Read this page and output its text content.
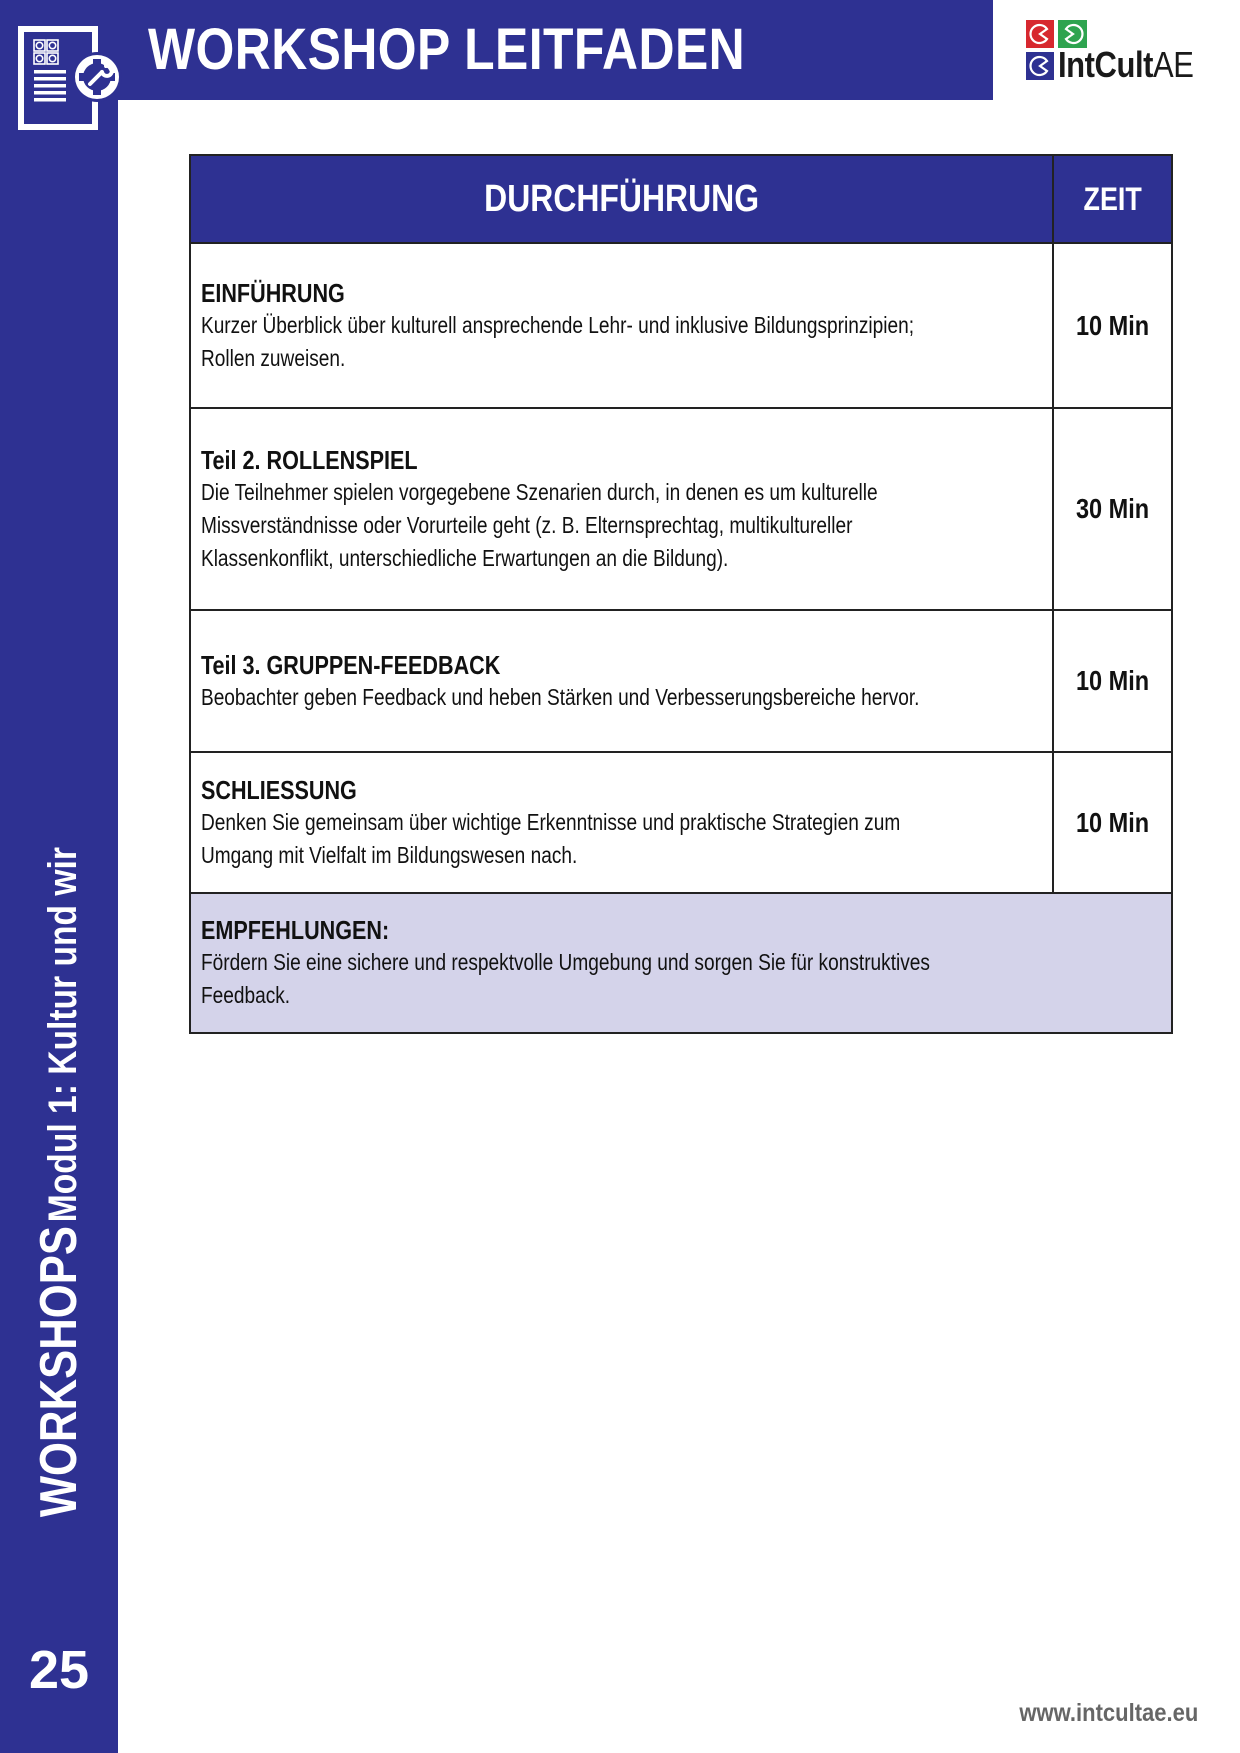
WORKSHOP LEITFADEN	IntCultAE
WORKSHOPS Modul 1: Kultur und wir
25
DURCHFÜHRUNG	ZEIT

EINFÜHRUNG
Kurzer Überblick über kulturell ansprechende Lehr- und inklusive Bildungsprinzipien;
Rollen zuweisen.	10 Min

Teil 2. ROLLENSPIEL
Die Teilnehmer spielen vorgegebene Szenarien durch, in denen es um kulturelle
Missverständnisse oder Vorurteile geht (z. B. Elternsprechtag, multikultureller
Klassenkonflikt, unterschiedliche Erwartungen an die Bildung).	30 Min

Teil 3. GRUPPEN-FEEDBACK
Beobachter geben Feedback und heben Stärken und Verbesserungsbereiche hervor.	10 Min

SCHLIESSUNG
Denken Sie gemeinsam über wichtige Erkenntnisse und praktische Strategien zum
Umgang mit Vielfalt im Bildungswesen nach.	10 Min

EMPFEHLUNGEN:
Fördern Sie eine sichere und respektvolle Umgebung und sorgen Sie für konstruktives
Feedback.	
www.intcultae.eu
